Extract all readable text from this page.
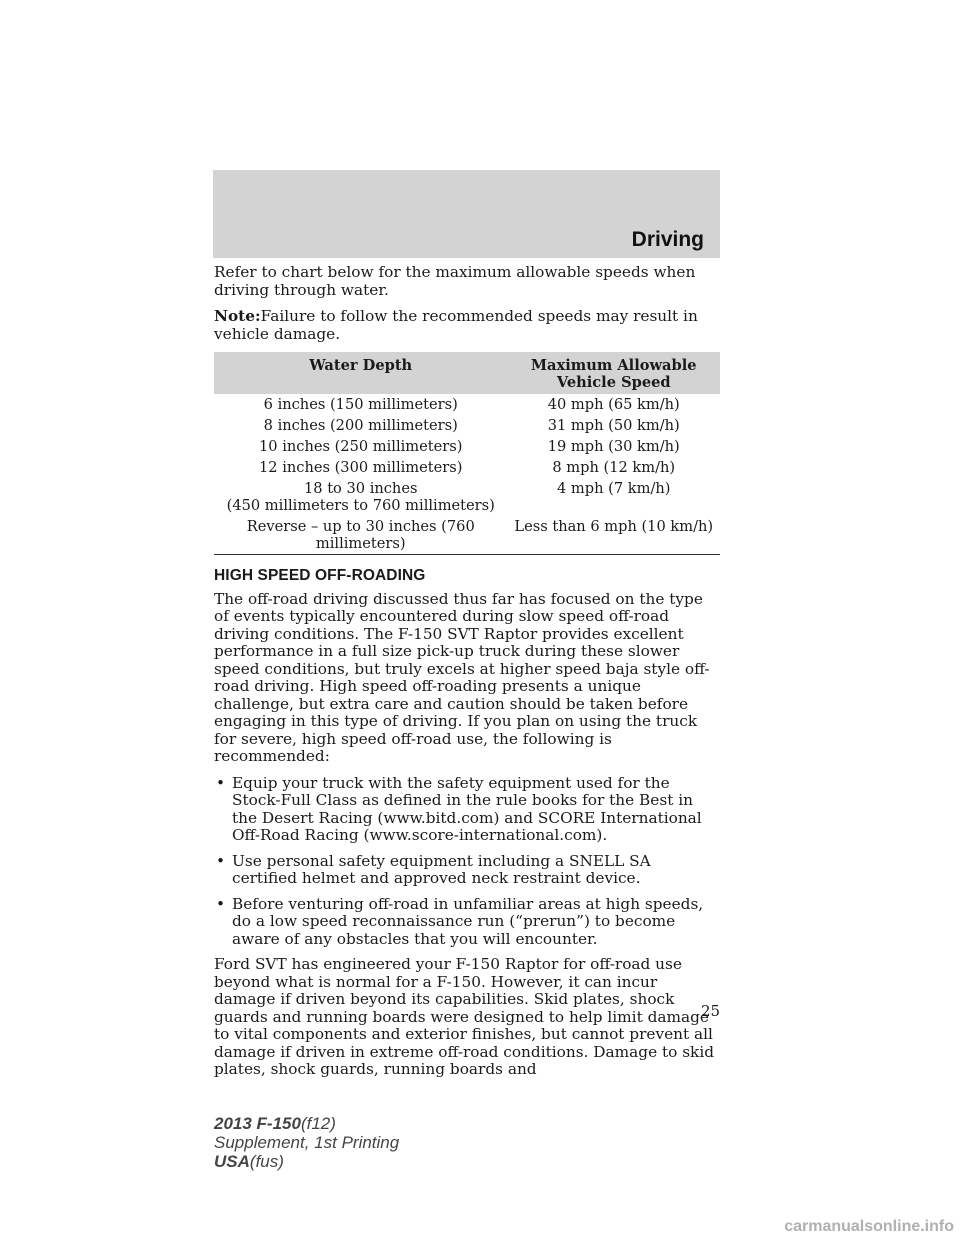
Driving

Refer to chart below for the maximum allowable speeds when driving through water.

Note:Failure to follow the recommended speeds may result in vehicle damage.

Water Depth	Maximum Allowable
Vehicle Speed

6 inches (150 millimeters)	40 mph (65 km/h)
8 inches (200 millimeters)	31 mph (50 km/h)
10 inches (250 millimeters)	19 mph (30 km/h)
12 inches (300 millimeters)	8 mph (12 km/h)

18 to 30 inches
(450 millimeters to 760 millimeters)	4 mph (7 km/h)
Reverse – up to 30 inches (760 millimeters)	Less than 6 mph (10 km/h)
HIGH SPEED OFF-ROADING

The off-road driving discussed thus far has focused on the type of events typically encountered during slow speed off-road driving conditions. The F-150 SVT Raptor provides excellent performance in a full size pick-up truck during these slower speed conditions, but truly excels at higher speed baja style off-road driving. High speed off-roading presents a unique challenge, but extra care and caution should be taken before engaging in this type of driving. If you plan on using the truck for severe, high speed off-road use, the following is recommended:

• Equip your truck with the safety equipment used for the Stock-Full Class as defined in the rule books for the Best in the Desert Racing (www.bitd.com) and SCORE International Off-Road Racing (www.score-international.com).
• Use personal safety equipment including a SNELL SA certified helmet and approved neck restraint device.
• Before venturing off-road in unfamiliar areas at high speeds, do a low speed reconnaissance run (“prerun”) to become aware of any obstacles that you will encounter.

Ford SVT has engineered your F-150 Raptor for off-road use beyond what is normal for a F-150. However, it can incur damage if driven beyond its capabilities. Skid plates, shock guards and running boards were designed to help limit damage to vital components and exterior finishes, but cannot prevent all damage if driven in extreme off-road conditions. Damage to skid plates, shock guards, running boards and

25
2013 F-150(f12)
Supplement, 1st Printing
USA(fus)
carmanualsonline.info
